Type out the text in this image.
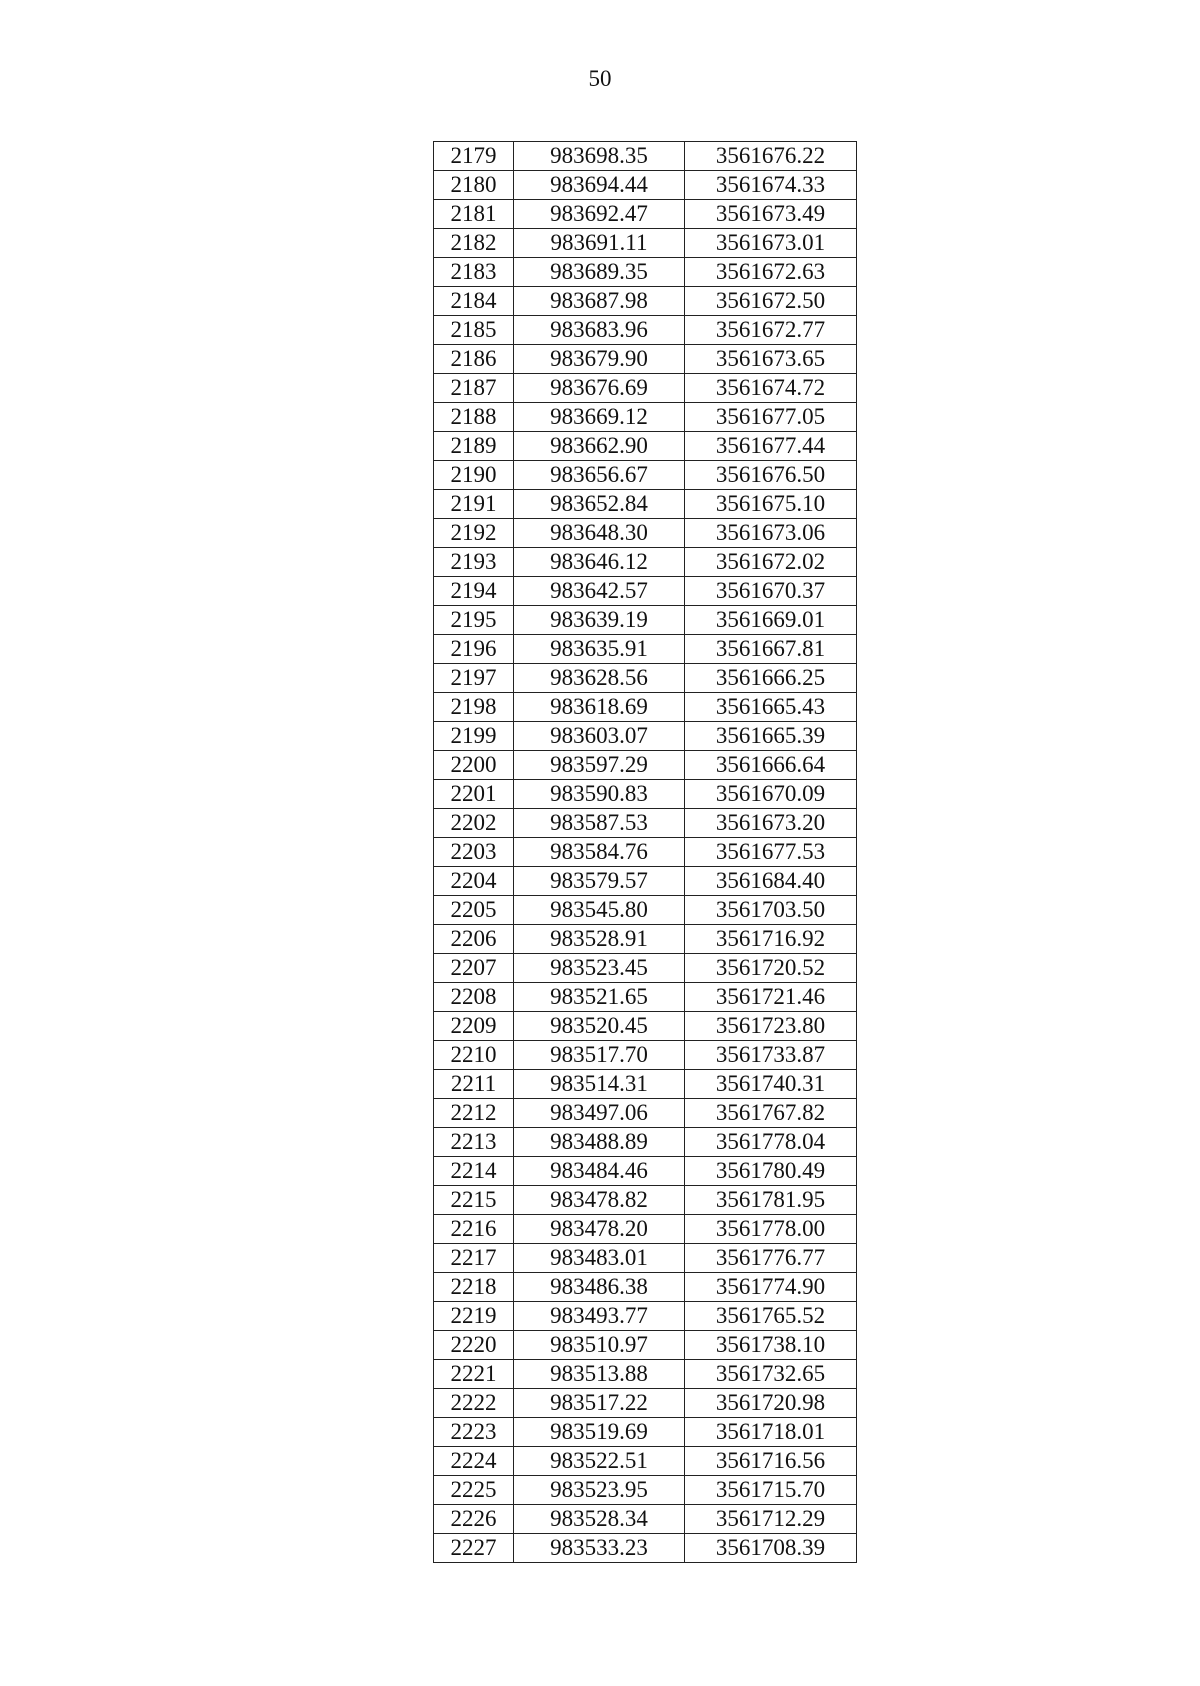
50
2179	983698.35	3561676.22
2180	983694.44	3561674.33
2181	983692.47	3561673.49
2182	983691.11	3561673.01
2183	983689.35	3561672.63
2184	983687.98	3561672.50
2185	983683.96	3561672.77
2186	983679.90	3561673.65
2187	983676.69	3561674.72
2188	983669.12	3561677.05
2189	983662.90	3561677.44
2190	983656.67	3561676.50
2191	983652.84	3561675.10
2192	983648.30	3561673.06
2193	983646.12	3561672.02
2194	983642.57	3561670.37
2195	983639.19	3561669.01
2196	983635.91	3561667.81
2197	983628.56	3561666.25
2198	983618.69	3561665.43
2199	983603.07	3561665.39
2200	983597.29	3561666.64
2201	983590.83	3561670.09
2202	983587.53	3561673.20
2203	983584.76	3561677.53
2204	983579.57	3561684.40
2205	983545.80	3561703.50
2206	983528.91	3561716.92
2207	983523.45	3561720.52
2208	983521.65	3561721.46
2209	983520.45	3561723.80
2210	983517.70	3561733.87
2211	983514.31	3561740.31
2212	983497.06	3561767.82
2213	983488.89	3561778.04
2214	983484.46	3561780.49
2215	983478.82	3561781.95
2216	983478.20	3561778.00
2217	983483.01	3561776.77
2218	983486.38	3561774.90
2219	983493.77	3561765.52
2220	983510.97	3561738.10
2221	983513.88	3561732.65
2222	983517.22	3561720.98
2223	983519.69	3561718.01
2224	983522.51	3561716.56
2225	983523.95	3561715.70
2226	983528.34	3561712.29
2227	983533.23	3561708.39
